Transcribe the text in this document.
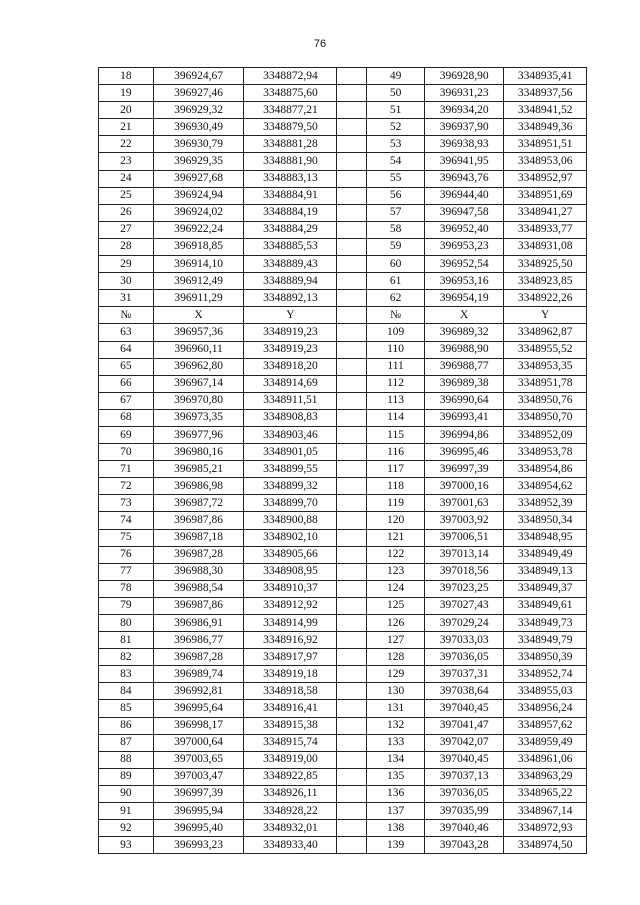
76
18	396924,67	3348872,94		49	396928,90	3348935,41
19	396927,46	3348875,60		50	396931,23	3348937,56
20	396929,32	3348877,21		51	396934,20	3348941,52
21	396930,49	3348879,50		52	396937,90	3348949,36
22	396930,79	3348881,28		53	396938,93	3348951,51
23	396929,35	3348881,90		54	396941,95	3348953,06
24	396927,68	3348883,13		55	396943,76	3348952,97
25	396924,94	3348884,91		56	396944,40	3348951,69
26	396924,02	3348884,19		57	396947,58	3348941,27
27	396922,24	3348884,29		58	396952,40	3348933,77
28	396918,85	3348885,53		59	396953,23	3348931,08
29	396914,10	3348889,43		60	396952,54	3348925,50
30	396912,49	3348889,94		61	396953,16	3348923,85
31	396911,29	3348892,13		62	396954,19	3348922,26
№	X	Y		№	X	Y
63	396957,36	3348919,23		109	396989,32	3348962,87
64	396960,11	3348919,23		110	396988,90	3348955,52
65	396962,80	3348918,20		111	396988,77	3348953,35
66	396967,14	3348914,69		112	396989,38	3348951,78
67	396970,80	3348911,51		113	396990,64	3348950,76
68	396973,35	3348908,83		114	396993,41	3348950,70
69	396977,96	3348903,46		115	396994,86	3348952,09
70	396980,16	3348901,05		116	396995,46	3348953,78
71	396985,21	3348899,55		117	396997,39	3348954,86
72	396986,98	3348899,32		118	397000,16	3348954,62
73	396987,72	3348899,70		119	397001,63	3348952,39
74	396987,86	3348900,88		120	397003,92	3348950,34
75	396987,18	3348902,10		121	397006,51	3348948,95
76	396987,28	3348905,66		122	397013,14	3348949,49
77	396988,30	3348908,95		123	397018,56	3348949,13
78	396988,54	3348910,37		124	397023,25	3348949,37
79	396987,86	3348912,92		125	397027,43	3348949,61
80	396986,91	3348914,99		126	397029,24	3348949,73
81	396986,77	3348916,92		127	397033,03	3348949,79
82	396987,28	3348917,97		128	397036,05	3348950,39
83	396989,74	3348919,18		129	397037,31	3348952,74
84	396992,81	3348918,58		130	397038,64	3348955,03
85	396995,64	3348916,41		131	397040,45	3348956,24
86	396998,17	3348915,38		132	397041,47	3348957,62
87	397000,64	3348915,74		133	397042,07	3348959,49
88	397003,65	3348919,00		134	397040,45	3348961,06
89	397003,47	3348922,85		135	397037,13	3348963,29
90	396997,39	3348926,11		136	397036,05	3348965,22
91	396995,94	3348928,22		137	397035,99	3348967,14
92	396995,40	3348932,01		138	397040,46	3348972,93
93	396993,23	3348933,40		139	397043,28	3348974,50
